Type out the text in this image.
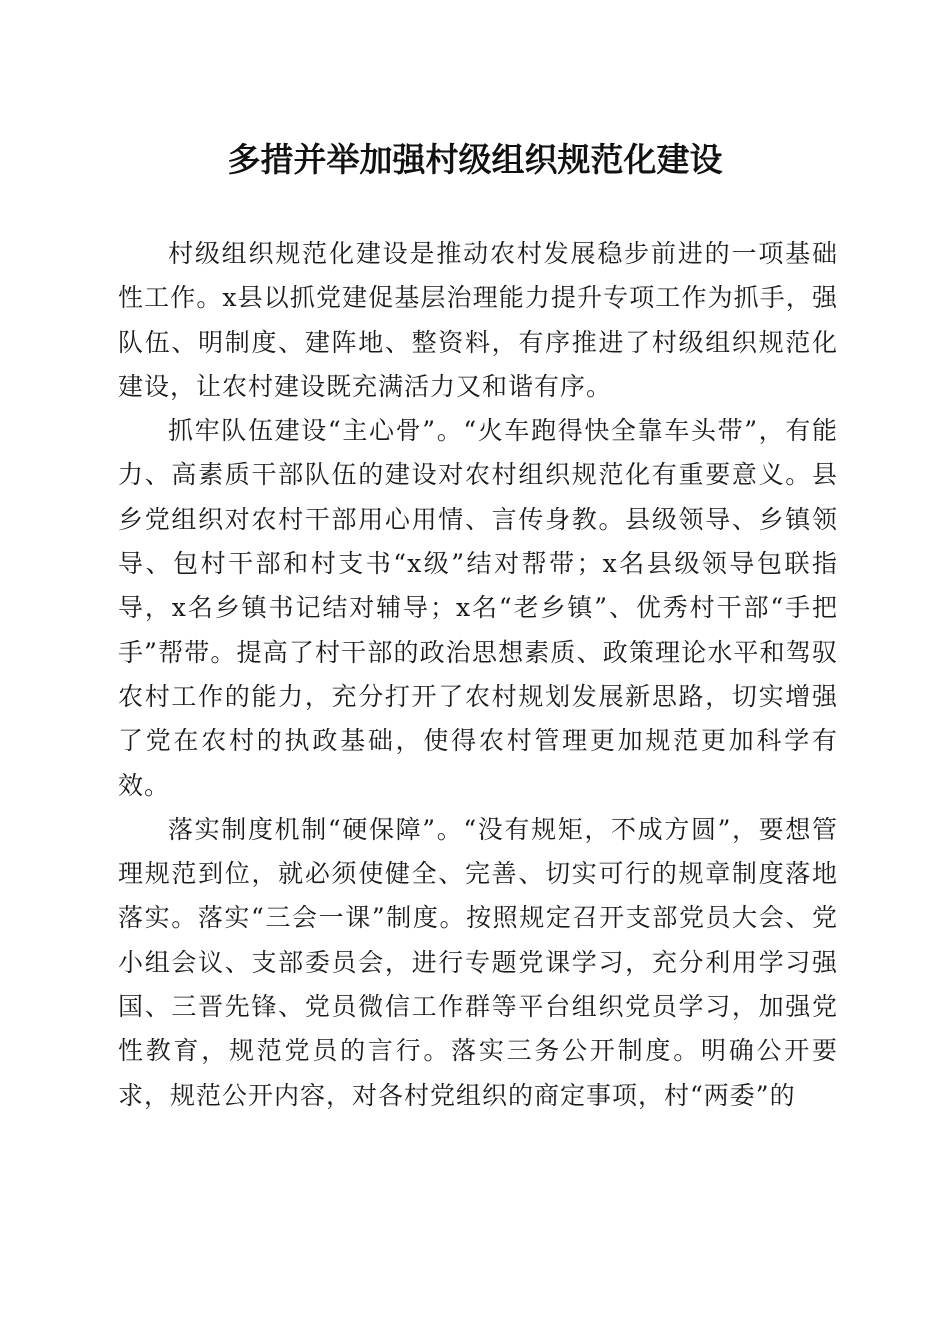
多措并举加强村级组织规范化建设

村级组织规范化建设是推动农村发展稳步前进的一项基础性工作。x县以抓党建促基层治理能力提升专项工作为抓手，强队伍、明制度、建阵地、整资料，有序推进了村级组织规范化建设，让农村建设既充满活力又和谐有序。

抓牢队伍建设“主心骨”。“火车跑得快全靠车头带”，有能力、高素质干部队伍的建设对农村组织规范化有重要意义。县乡党组织对农村干部用心用情、言传身教。县级领导、乡镇领导、包村干部和村支书“x级”结对帮带；x名县级领导包联指导，x名乡镇书记结对辅导；x名“老乡镇”、优秀村干部“手把手”帮带。提高了村干部的政治思想素质、政策理论水平和驾驭农村工作的能力，充分打开了农村规划发展新思路，切实增强了党在农村的执政基础，使得农村管理更加规范更加科学有效。

落实制度机制“硬保障”。“没有规矩，不成方圆”，要想管理规范到位，就必须使健全、完善、切实可行的规章制度落地落实。落实“三会一课”制度。按照规定召开支部党员大会、党小组会议、支部委员会，进行专题党课学习，充分利用学习强国、三晋先锋、党员微信工作群等平台组织党员学习，加强党性教育，规范党员的言行。落实三务公开制度。明确公开要求，规范公开内容，对各村党组织的商定事项，村“两委”的
